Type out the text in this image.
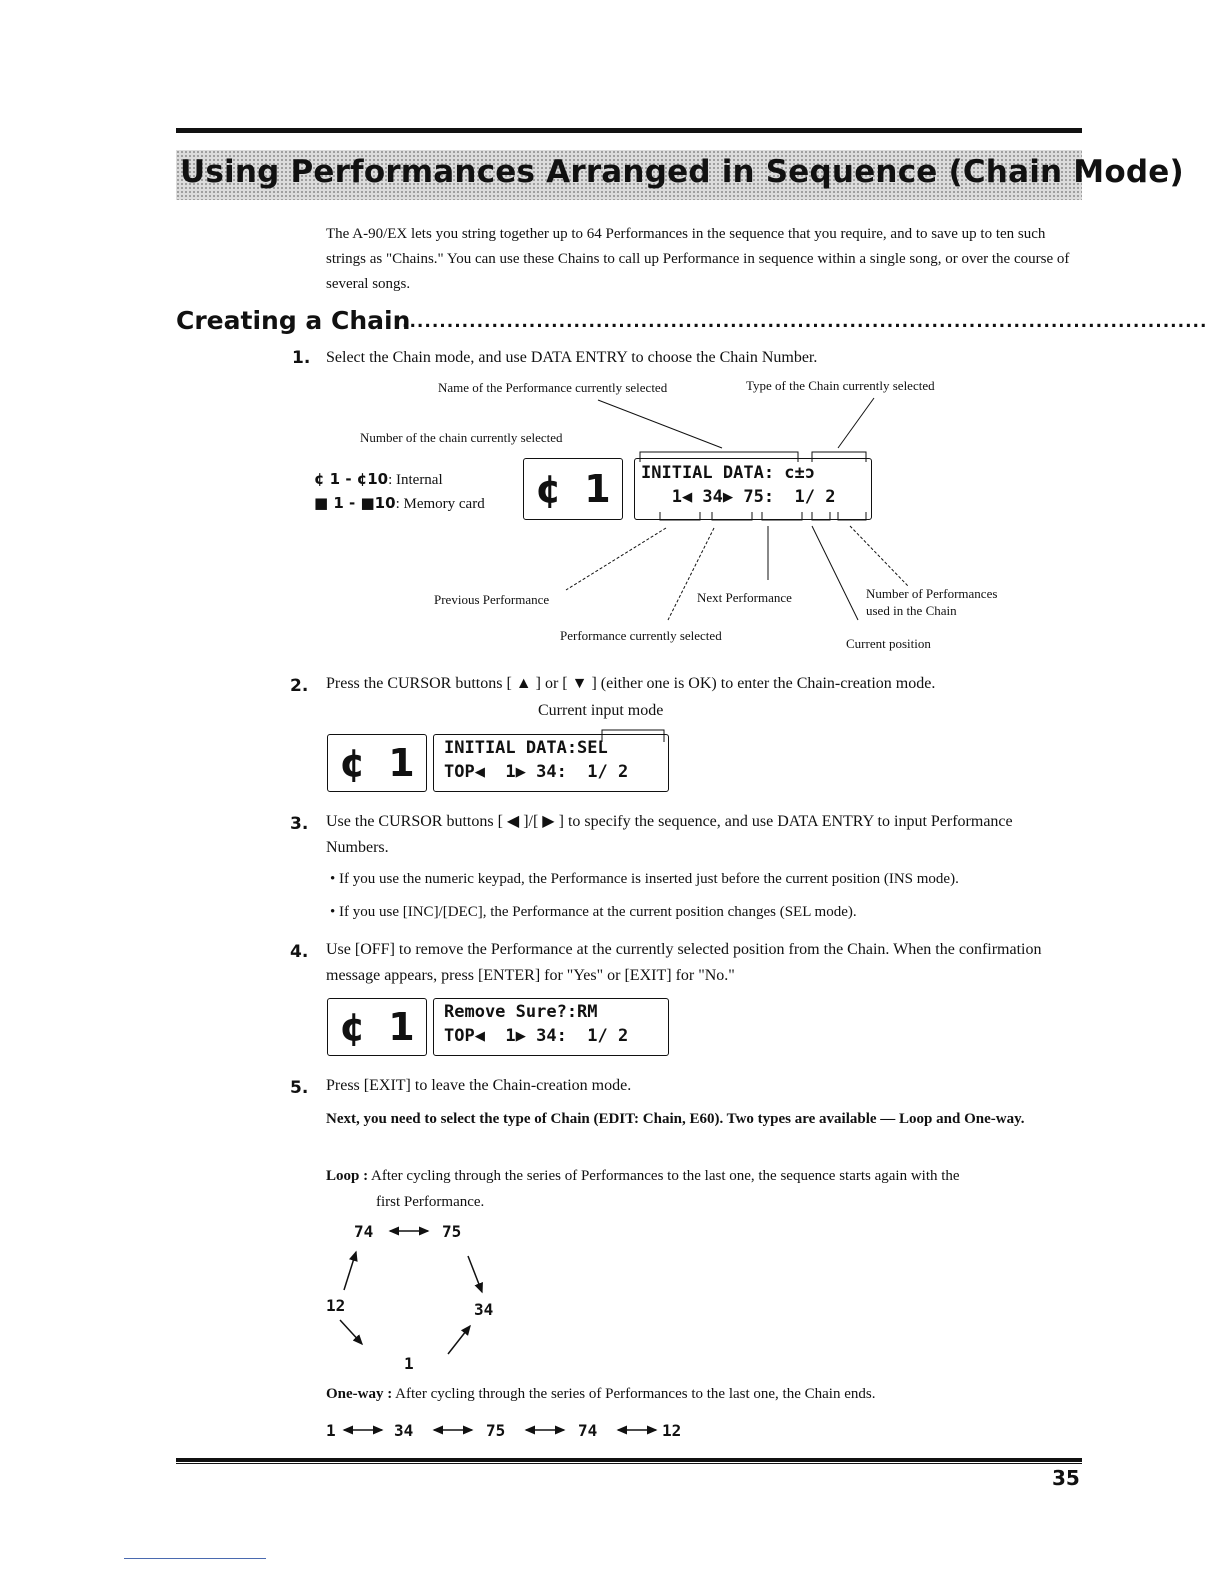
Using Performances Arranged in Sequence (Chain Mode)
The A-90/EX lets you string together up to 64 Performances in the sequence that you require, and to save up to ten such strings as "Chains." You can use these Chains to call up Performance in sequence within a single song, or over the course of several songs.
Creating a Chain
............................................................................................................
1. Select the Chain mode, and use DATA ENTRY to choose the Chain Number.
Name of the Performance currently selected	Type of the Chain currently selected
Number of the chain currently selected
¢ 1 - ¢10: Internal
■ 1 - ■10: Memory card ¢ 1 INITIAL DATA: c±ɔ
1◀ 34▶ 75:  1/ 2
Previous Performance	Next Performance	Number of Performances
used in the Chain
Performance currently selected
Current position
2. Press the CURSOR buttons [ ▲ ] or [ ▼ ] (either one is OK) to enter the Chain-creation mode.
Current input mode
¢ 1 INITIAL DATA:SEL
TOP◀  1▶ 34:  1/ 2
3. Use the CURSOR buttons [ ◀ ]/[ ▶ ] to specify the sequence, and use DATA ENTRY to input Performance Numbers.
• If you use the numeric keypad, the Performance is inserted just before the current position (INS mode).
• If you use [INC]/[DEC], the Performance at the current position changes (SEL mode).
4. Use [OFF] to remove the Performance at the currently selected position from the Chain. When the confirmation message appears, press [ENTER] for "Yes" or [EXIT] for "No."
¢ 1 Remove Sure?:RM
TOP◀  1▶ 34:  1/ 2
5. Press [EXIT] to leave the Chain-creation mode.
Next, you need to select the type of Chain (EDIT: Chain, E60). Two types are available — Loop and One-way.
Loop : After cycling through the series of Performances to the last one, the sequence starts again with the
first Performance.
74	75
12	34
1
One-way : After cycling through the series of Performances to the last one, the Chain ends.
1	34	75	74	12
35
